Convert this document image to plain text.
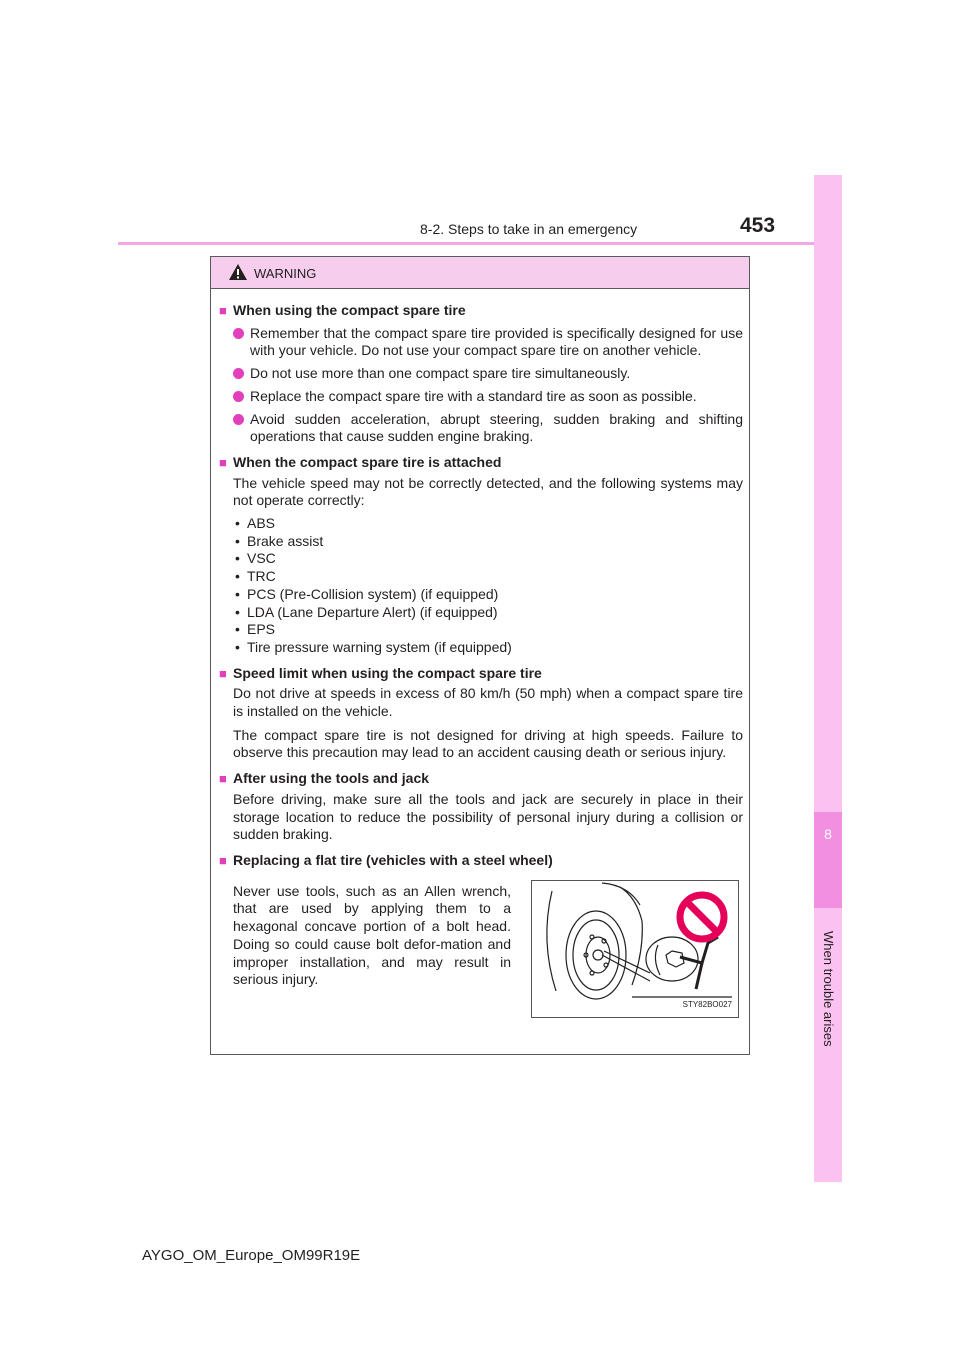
8-2. Steps to take in an emergency	453
8
When trouble arises
WARNING
■ When using the compact spare tire
Remember that the compact spare tire provided is specifically designed for use with your vehicle. Do not use your compact spare tire on another vehicle.
Do not use more than one compact spare tire simultaneously.
Replace the compact spare tire with a standard tire as soon as possible.
Avoid sudden acceleration, abrupt steering, sudden braking and shifting operations that cause sudden engine braking.
■ When the compact spare tire is attached
The vehicle speed may not be correctly detected, and the following systems may not operate correctly:
• ABS
• Brake assist
• VSC
• TRC
• PCS (Pre-Collision system) (if equipped)
• LDA (Lane Departure Alert) (if equipped)
• EPS
• Tire pressure warning system (if equipped)
■ Speed limit when using the compact spare tire
Do not drive at speeds in excess of 80 km/h (50 mph) when a compact spare tire is installed on the vehicle.
The compact spare tire is not designed for driving at high speeds. Failure to observe this precaution may lead to an accident causing death or serious injury.
■ After using the tools and jack
Before driving, make sure all the tools and jack are securely in place in their storage location to reduce the possibility of personal injury during a collision or sudden braking.
■ Replacing a flat tire (vehicles with a steel wheel)
Never use tools, such as an Allen wrench, that are used by applying them to a hexagonal concave portion of a bolt head. Doing so could cause bolt defor-mation and improper installation, and may result in serious injury.
STY82BO027
AYGO_OM_Europe_OM99R19E
